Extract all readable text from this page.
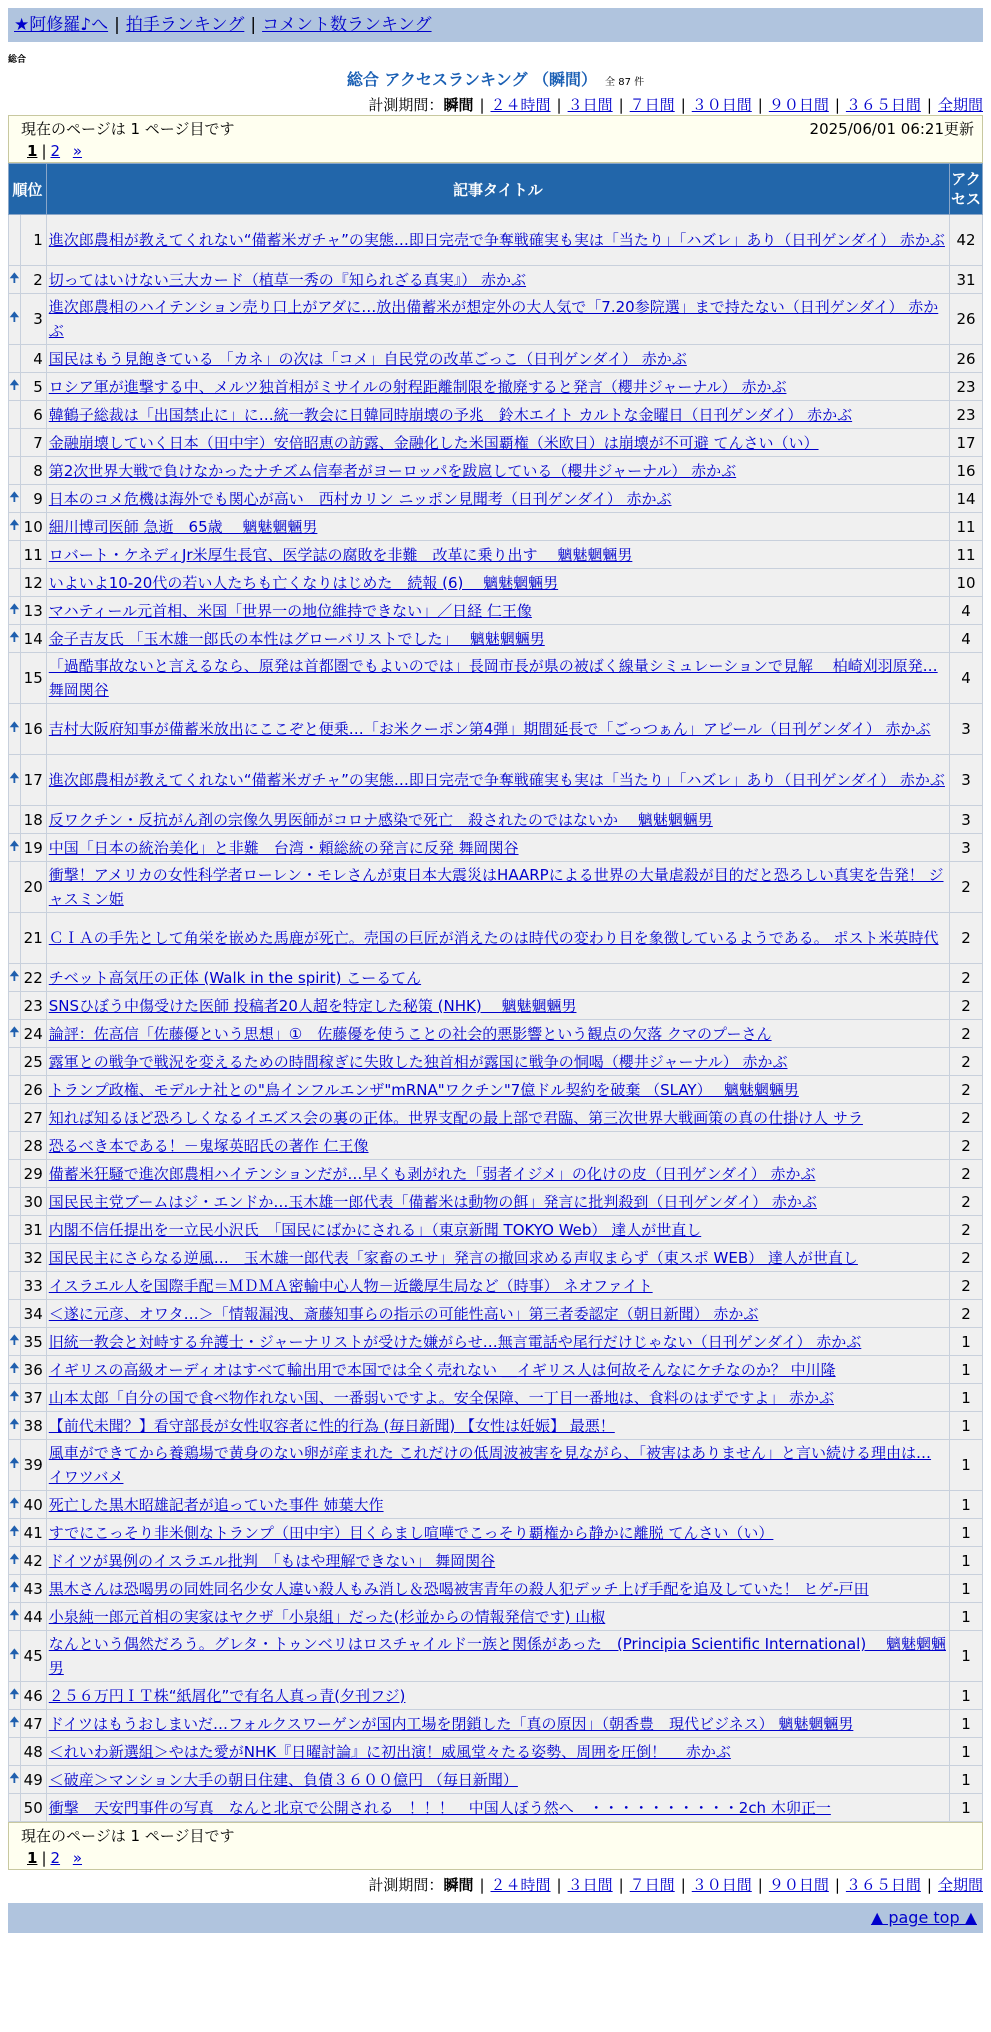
★阿修羅♪へ | 拍手ランキング | コメント数ランキング
総合
総合 アクセスランキング （瞬間） 全 87 件
計測期間：瞬間 | ２４時間 | ３日間 | ７日間 | ３０日間 | ９０日間 | ３６５日間 | 全期間
現在のページは 1 ページ目です	2025/06/01 06:21更新
1 | 2 »
順位		記事タイトル	アクセス
	1	進次郎農相が教えてくれない“備蓄米ガチャ”の実態…即日完売で争奪戦確実も実は「当たり」「ハズレ」あり（日刊ゲンダイ） 赤かぶ	42
🠉	2	切ってはいけない三大カード（植草一秀の『知られざる真実』） 赤かぶ	31
🠉	3	進次郎農相のハイテンション売り口上がアダに…放出備蓄米が想定外の大人気で「7.20参院選」まで持たない（日刊ゲンダイ） 赤かぶ	26
	4	国民はもう見飽きている 「カネ」の次は「コメ」自民党の改革ごっこ（日刊ゲンダイ） 赤かぶ	26
🠉	5	ロシア軍が進撃する中、メルツ独首相がミサイルの射程距離制限を撤廃すると発言（櫻井ジャーナル） 赤かぶ	23
	6	韓鶴子総裁は「出国禁止に」に…統一教会に日韓同時崩壊の予兆　鈴木エイト カルトな金曜日（日刊ゲンダイ） 赤かぶ	23
	7	金融崩壊していく日本（田中宇）安倍昭恵の訪露、金融化した米国覇権（米欧日）は崩壊が不可避 てんさい（い）	17
	8	第2次世界大戦で負けなかったナチズム信奉者がヨーロッパを跋扈している（櫻井ジャーナル） 赤かぶ	16
🠉	9	日本のコメ危機は海外でも関心が高い　西村カリン ニッポン見聞考（日刊ゲンダイ） 赤かぶ	14
🠉	10	細川博司医師 急逝　65歳　 魑魅魍魎男	11
	11	ロバート・ケネディJr米厚生長官、医学誌の腐敗を非難　改革に乗り出す　 魑魅魍魎男	11
	12	いよいよ10-20代の若い人たちも亡くなりはじめた　続報 (6)　 魑魅魍魎男	10
🠉	13	マハティール元首相、米国「世界一の地位維持できない」／日経 仁王像	4
🠉	14	金子吉友氏 「玉木雄一郎氏の本性はグローバリストでした」　 魑魅魍魎男	4
	15	「過酷事故ないと言えるなら、原発は首都圏でもよいのでは」長岡市長が県の被ばく線量シミュレーションで見解　 柏崎刈羽原発… 舞岡関谷	4
🠉	16	吉村大阪府知事が備蓄米放出にここぞと便乗…「お米クーポン第4弾」期間延長で「ごっつぁん」アピール（日刊ゲンダイ） 赤かぶ	3
🠉	17	進次郎農相が教えてくれない“備蓄米ガチャ”の実態…即日完売で争奪戦確実も実は「当たり」「ハズレ」あり（日刊ゲンダイ） 赤かぶ	3
	18	反ワクチン・反抗がん剤の宗像久男医師がコロナ感染で死亡　殺されたのではないか　 魑魅魍魎男	3
🠉	19	中国「日本の統治美化」と非難　台湾・頼総統の発言に反発 舞岡関谷	3
	20	衝撃！アメリカの女性科学者ローレン・モレさんが東日本大震災はHAARPによる世界の大量虐殺が目的だと恐ろしい真実を告発！ ジャスミン姫	2
	21	ＣＩＡの手先として角栄を嵌めた馬鹿が死亡。売国の巨匠が消えたのは時代の変わり目を象徴しているようである。 ポスト米英時代	2
🠉	22	チベット高気圧の正体 (Walk in the spirit) こーるてん	2
	23	SNSひぼう中傷受けた医師 投稿者20人超を特定した秘策 (NHK)　 魑魅魍魎男	2
🠉	24	論評：佐高信「佐藤優という思想」①　佐藤優を使うことの社会的悪影響という観点の欠落 クマのプーさん	2
	25	露軍との戦争で戦況を変えるための時間稼ぎに失敗した独首相が露国に戦争の恫喝（櫻井ジャーナル） 赤かぶ	2
	26	トランプ政権、モデルナ社との"鳥インフルエンザ"mRNA"ワクチン"7億ドル契約を破棄 （SLAY）　 魑魅魍魎男	2
	27	知れば知るほど恐ろしくなるイエズス会の裏の正体。世界支配の最上部で君臨、第三次世界大戦画策の真の仕掛け人 サラ	2
	28	恐るべき本である！－鬼塚英昭氏の著作 仁王像	2
	29	備蓄米狂騒で進次郎農相ハイテンションだが…早くも剥がれた「弱者イジメ」の化けの皮（日刊ゲンダイ） 赤かぶ	2
	30	国民民主党ブームはジ・エンドか…玉木雄一郎代表「備蓄米は動物の餌」発言に批判殺到（日刊ゲンダイ） 赤かぶ	2
	31	内閣不信任提出を一立民小沢氏　「国民にばかにされる」（東京新聞 TOKYO Web） 達人が世直し	2
	32	国民民主にさらなる逆風…　玉木雄一郎代表「家畜のエサ」発言の撤回求める声収まらず（東スポ WEB） 達人が世直し	2
	33	イスラエル人を国際手配＝ＭＤＭＡ密輸中心人物－近畿厚生局など（時事） ネオファイト	2
	34	＜遂に元彦、オワタ…＞「情報漏洩、斎藤知事らの指示の可能性高い」第三者委認定（朝日新聞） 赤かぶ	2
🠉	35	旧統一教会と対峙する弁護士・ジャーナリストが受けた嫌がらせ…無言電話や尾行だけじゃない（日刊ゲンダイ） 赤かぶ	1
🠉	36	イギリスの高級オーディオはすべて輸出用で本国では全く売れない ＿イギリス人は何故そんなにケチなのか？ 中川隆	1
🠉	37	山本太郎「自分の国で食べ物作れない国、一番弱いですよ。安全保障、一丁目一番地は、食料のはずですよ」 赤かぶ	1
🠉	38	【前代未聞？】看守部長が女性収容者に性的行為 (毎日新聞) 【女性は妊娠】 最悪！	1
🠉	39	風車ができてから養鶏場で黄身のない卵が産まれた これだけの低周波被害を見ながら、「被害はありません」と言い続ける理由は… イワツバメ	1
🠉	40	死亡した黒木昭雄記者が追っていた事件 姉葉大作	1
🠉	41	すでにこっそり非米側なトランプ（田中宇）目くらまし喧嘩でこっそり覇権から静かに離脱 てんさい（い）	1
🠉	42	ドイツが異例のイスラエル批判　「もはや理解できない」 舞岡関谷	1
🠉	43	黒木さんは恐喝男の同姓同名少女人違い殺人もみ消し＆恐喝被害青年の殺人犯デッチ上げ手配を追及していた！ ヒゲ-戸田	1
🠉	44	小泉純一郎元首相の実家はヤクザ「小泉組」だった(杉並からの情報発信です) 山椒	1
🠉	45	なんという偶然だろう。グレタ・トゥンベリはロスチャイルド一族と関係があった　(Principia Scientific International)　 魑魅魍魎男	1
🠉	46	２５６万円ＩＴ株“紙屑化”で有名人真っ青(夕刊フジ)	1
🠉	47	ドイツはもうおしまいだ…フォルクスワーゲンが国内工場を閉鎖した「真の原因」（朝香豊　現代ビジネス） 魑魅魍魎男	1
	48	＜れいわ新選組＞やはた愛がNHK『日曜討論』に初出演！威風堂々たる姿勢、周囲を圧倒！ 　赤かぶ	1
🠉	49	＜破産＞マンション大手の朝日住建、負債３６００億円 （毎日新聞）	1
	50	衝撃　天安門事件の写真　なんと北京で公開される　！！！　中国人ぼう然へ　・・・・・・・・・・2ch 木卯正一	1
現在のページは 1 ページ目です
1 | 2 »
計測期間：瞬間 | ２４時間 | ３日間 | ７日間 | ３０日間 | ９０日間 | ３６５日間 | 全期間
▲ page top ▲
